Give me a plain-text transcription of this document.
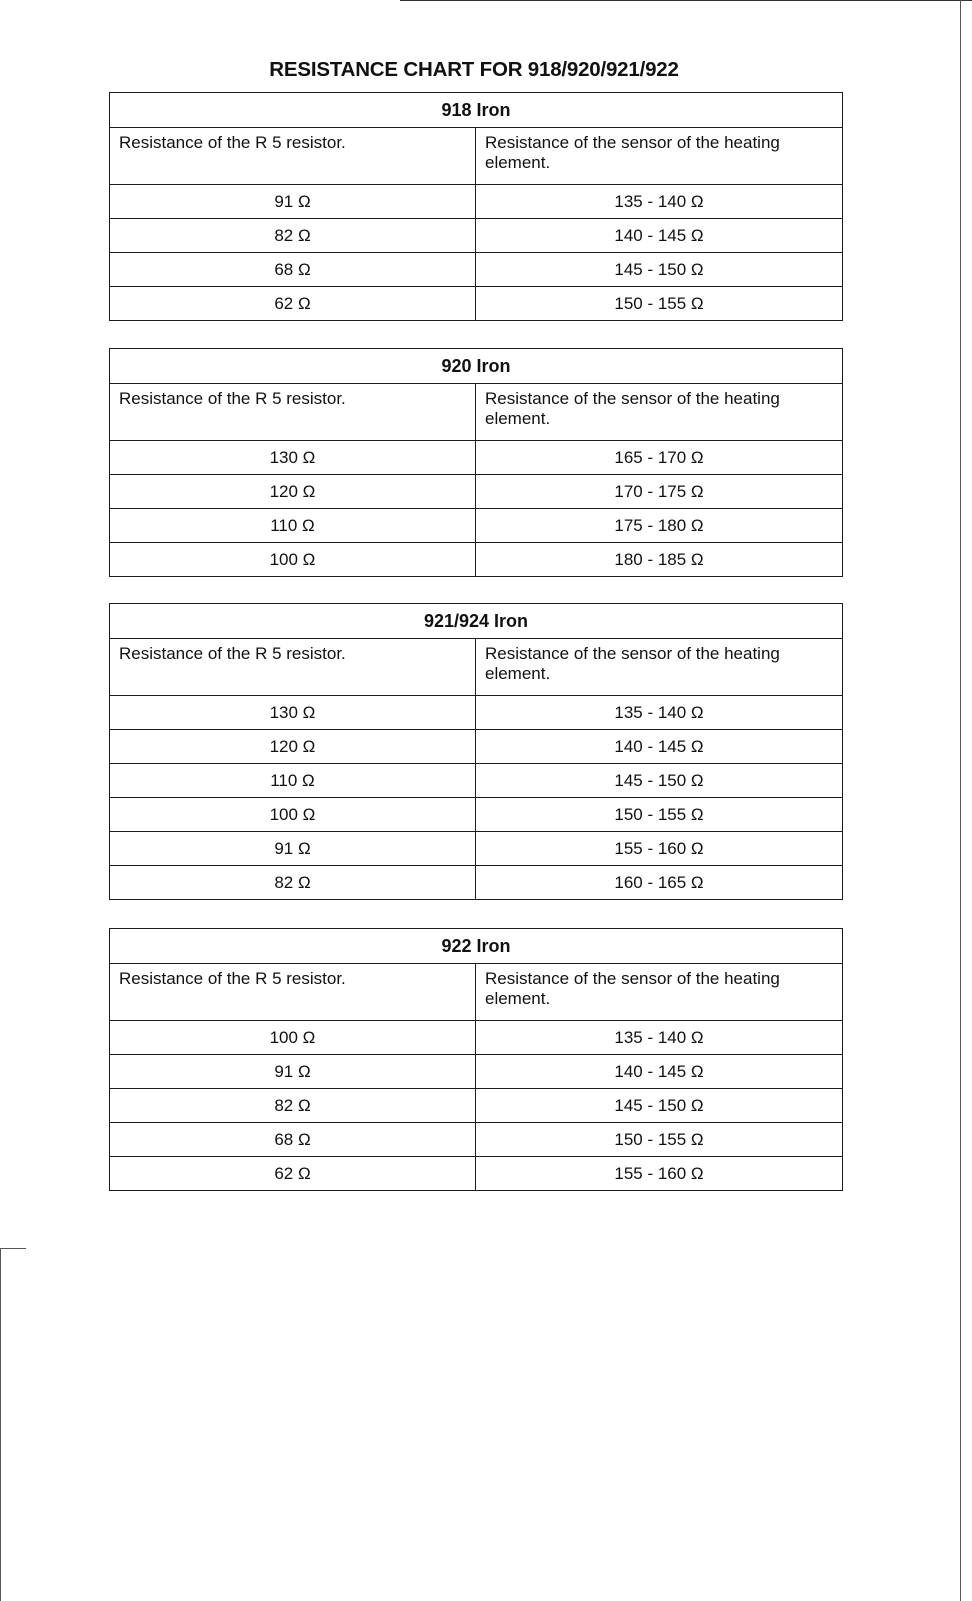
RESISTANCE CHART FOR 918/920/921/922
918 Iron	
Resistance of the R 5 resistor.	Resistance of the sensor of the heating element.
91 Ω	135 - 140 Ω
82 Ω	140 - 145 Ω
68 Ω	145 - 150 Ω
62 Ω	150 - 155 Ω
920 Iron	
Resistance of the R 5 resistor.	Resistance of the sensor of the heating element.
130 Ω	165 - 170 Ω
120 Ω	170 - 175 Ω
110 Ω	175 - 180 Ω
100 Ω	180 - 185 Ω
921/924 Iron	
Resistance of the R 5 resistor.	Resistance of the sensor of the heating element.
130 Ω	135 - 140 Ω
120 Ω	140 - 145 Ω
110 Ω	145 - 150 Ω
100 Ω	150 - 155 Ω
91 Ω	155 - 160 Ω
82 Ω	160 - 165 Ω
922 Iron	
Resistance of the R 5 resistor.	Resistance of the sensor of the heating element.
100 Ω	135 - 140 Ω
91 Ω	140 - 145 Ω
82 Ω	145 - 150 Ω
68 Ω	150 - 155 Ω
62 Ω	155 - 160 Ω
